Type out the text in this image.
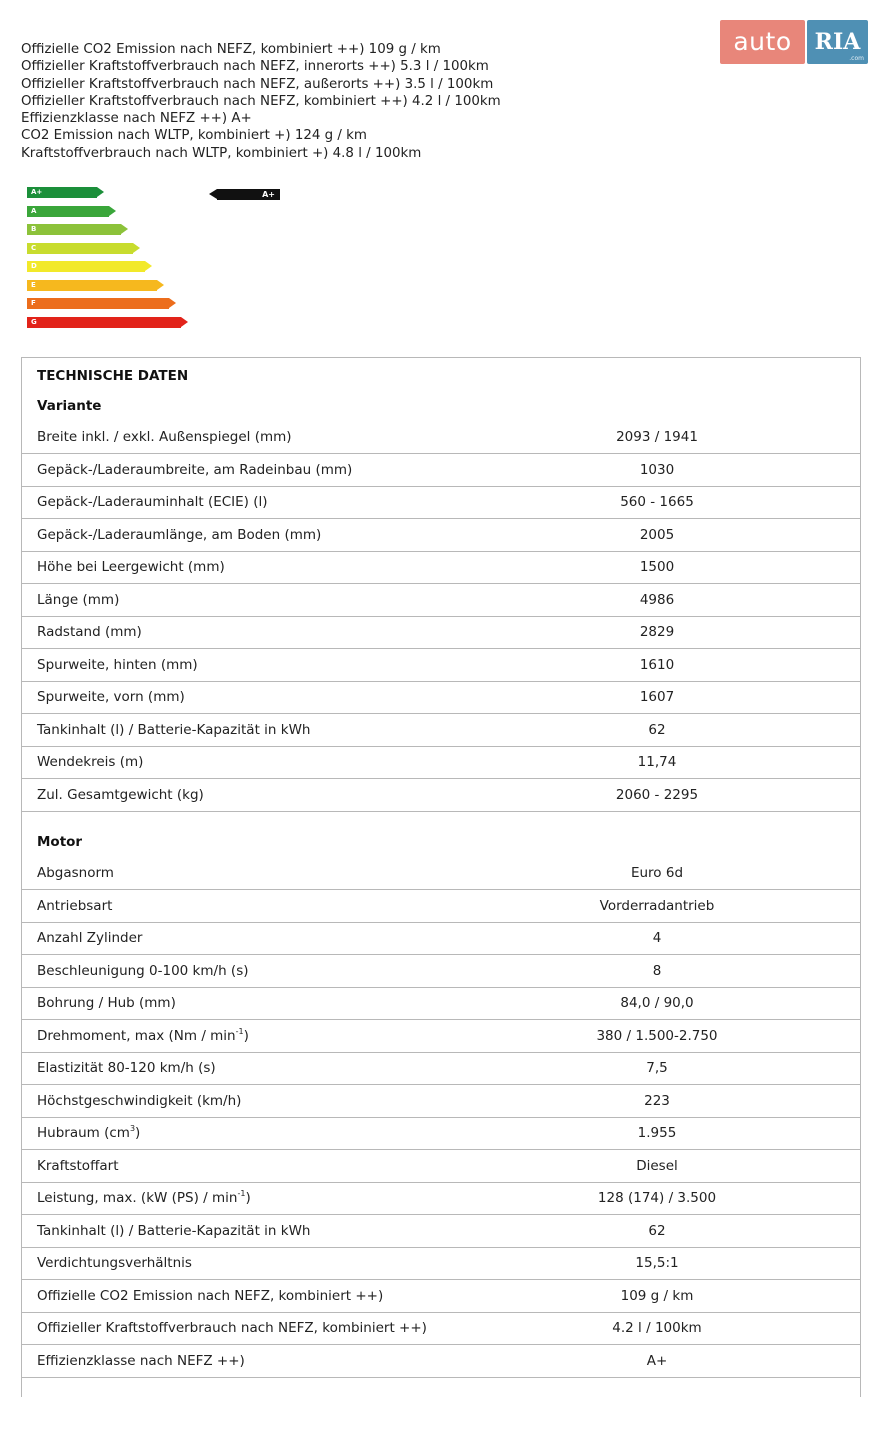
Offizielle CO2 Emission nach NEFZ, kombiniert ++) 109 g / km
Offizieller Kraftstoffverbrauch nach NEFZ, innerorts ++) 5.3 l / 100km
Offizieller Kraftstoffverbrauch nach NEFZ, außerorts ++) 3.5 l / 100km
Offizieller Kraftstoffverbrauch nach NEFZ, kombiniert ++) 4.2 l / 100km
Effizienzklasse nach NEFZ ++) A+
CO2 Emission nach WLTP, kombiniert +) 124 g / km
Kraftstoffverbrauch nach WLTP, kombiniert +) 4.8 l / 100km
auto	RIA
.com
A+
A+
A
B
C
D
E
F
G
TECHNISCHE DATEN
Variante
Breite inkl. / exkl. Außenspiegel (mm)	2093 / 1941
Gepäck-/Laderaumbreite, am Radeinbau (mm)	1030
Gepäck-/Laderauminhalt (ECIE) (l)	560 - 1665
Gepäck-/Laderaumlänge, am Boden (mm)	2005
Höhe bei Leergewicht (mm)	1500
Länge (mm)	4986
Radstand (mm)	2829
Spurweite, hinten (mm)	1610
Spurweite, vorn (mm)	1607
Tankinhalt (l) / Batterie-Kapazität in kWh	62
Wendekreis (m)	11,74
Zul. Gesamtgewicht (kg)	2060 - 2295
Motor
Abgasnorm	Euro 6d
Antriebsart	Vorderradantrieb
Anzahl Zylinder	4
Beschleunigung 0-100 km/h (s)	8
Bohrung / Hub (mm)	84,0 / 90,0
Drehmoment, $\max (Nm / \min^{-1})$	380 / 1.500-2.750
Elastizität 80-120 km/h (s)	7,5
Höchstgeschwindigkeit (km/h)	223
Hubraum $(cm^3)$	1.955
Kraftstoffart	Diesel
Leistung, max. (kW $(PS) / \min^{-1}$)	128 (174) / 3.500
Tankinhalt (l) / Batterie-Kapazität in kWh	62
Verdichtungsverhältnis	15,5:1
Offizielle CO2 Emission nach NEFZ, kombiniert ++)	109 g / km
Offizieller Kraftstoffverbrauch nach NEFZ, kombiniert ++)	4.2 l / 100km
Effizienzklasse nach NEFZ ++)	A+
